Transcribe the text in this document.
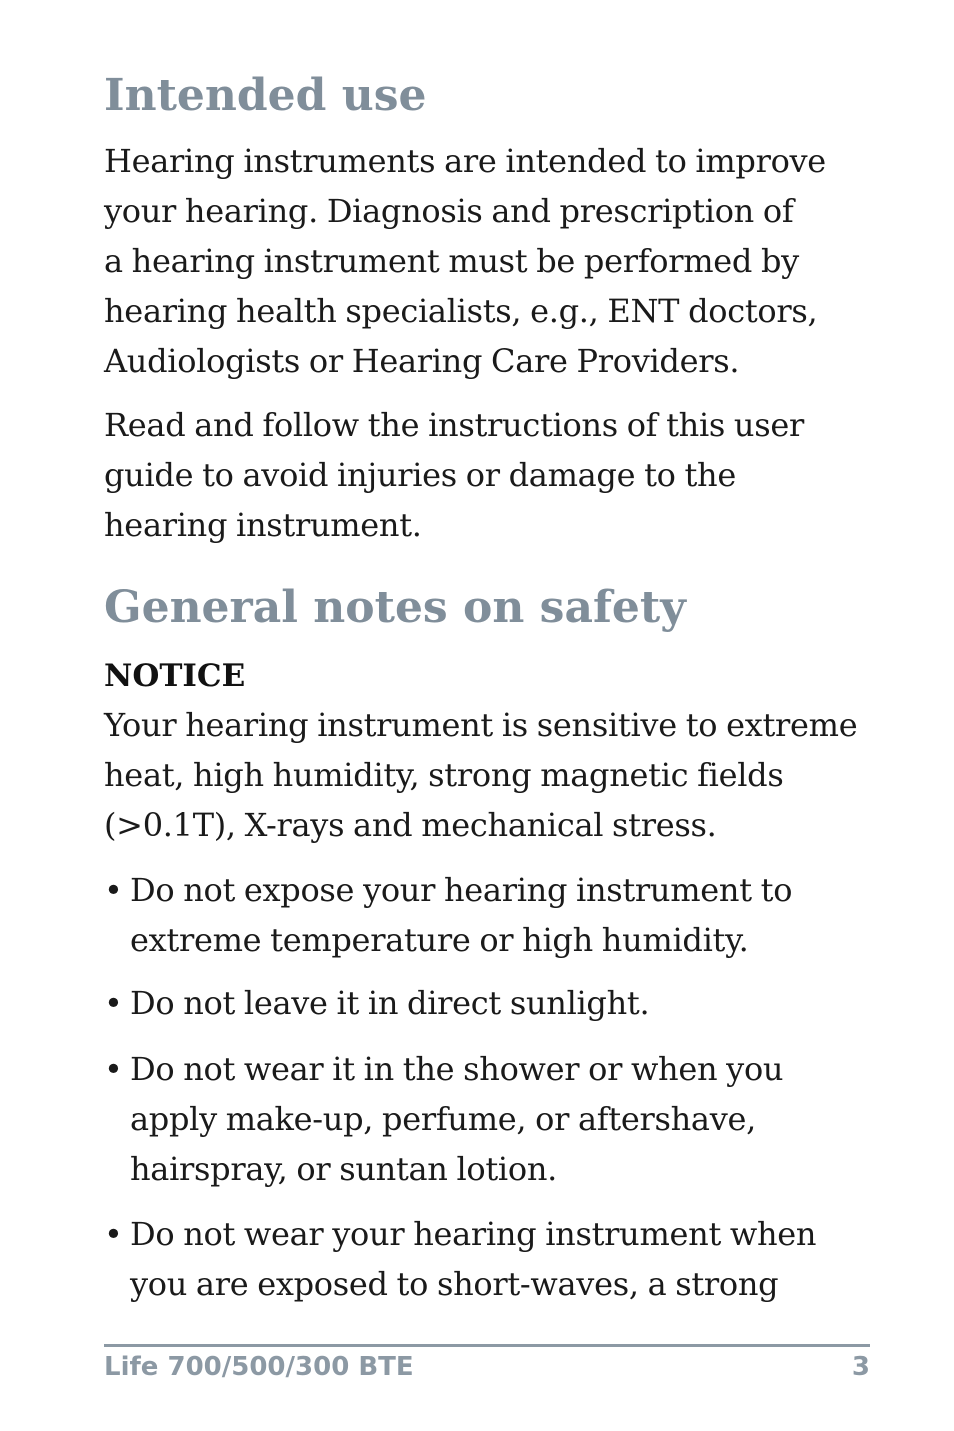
Intended use
Hearing instruments are intended to improve
your hearing. Diagnosis and prescription of
a hearing instrument must be performed by
hearing health specialists, e.g., ENT doctors,
Audiologists or Hearing Care Providers.
Read and follow the instructions of this user
guide to avoid injuries or damage to the
hearing instrument.
General notes on safety
NOTICE
Your hearing instrument is sensitive to extreme
heat, high humidity, strong magnetic fields
(>0.1T), X-rays and mechanical stress.
• Do not expose your hearing instrument to
extreme temperature or high humidity.
• Do not leave it in direct sunlight.
• Do not wear it in the shower or when you
apply make-up, perfume, or aftershave,
hairspray, or suntan lotion.
• Do not wear your hearing instrument when
you are exposed to short-waves, a strong
Life 700/500/300 BTE	3
